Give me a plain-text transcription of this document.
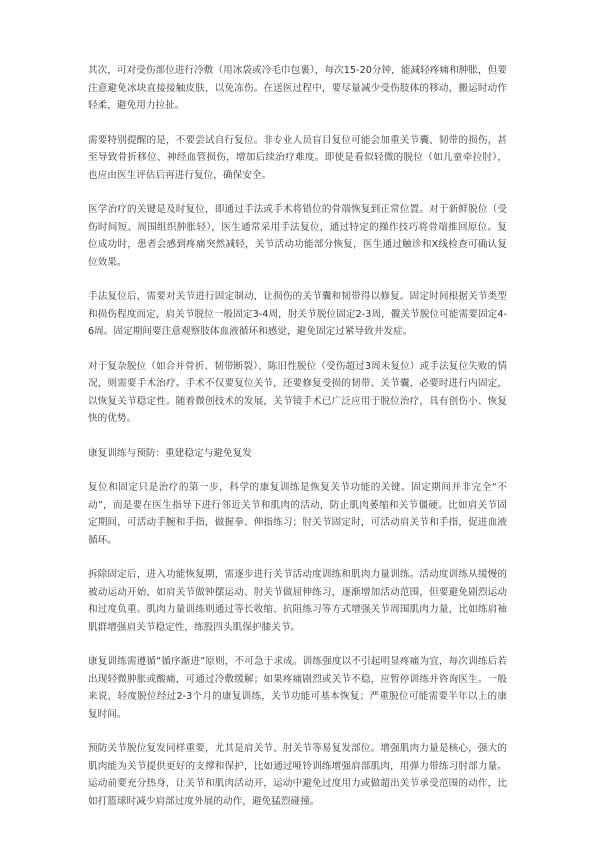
其次，可对受伤部位进行冷敷（用冰袋或冷毛巾包裹），每次15-20分钟，能减轻疼痛和肿胀，但要注意避免冰块直接接触皮肤，以免冻伤。在送医过程中，要尽量减少受伤肢体的移动，搬运时动作轻柔，避免用力拉扯。

需要特别提醒的是，不要尝试自行复位。非专业人员盲目复位可能会加重关节囊、韧带的损伤，甚至导致骨折移位、神经血管损伤，增加后续治疗难度。即使是看似轻微的脱位（如儿童牵拉肘），也应由医生评估后再进行复位，确保安全。

医学治疗的关键是及时复位，即通过手法或手术将错位的骨端恢复到正常位置。对于新鲜脱位（受伤时间短、周围组织肿胀轻），医生通常采用手法复位，通过特定的操作技巧将骨端推回原位。复位成功时，患者会感到疼痛突然减轻，关节活动功能部分恢复，医生通过触诊和X线检查可确认复位效果。

手法复位后，需要对关节进行固定制动，让损伤的关节囊和韧带得以修复。固定时间根据关节类型和损伤程度而定，肩关节脱位一般固定3-4周，肘关节脱位固定2-3周，髋关节脱位可能需要固定4-6周。固定期间要注意观察肢体血液循环和感觉，避免固定过紧导致并发症。

对于复杂脱位（如合并骨折、韧带断裂）、陈旧性脱位（受伤超过3周未复位）或手法复位失败的情况，则需要手术治疗。手术不仅要复位关节，还要修复受损的韧带、关节囊，必要时进行内固定，以恢复关节稳定性。随着微创技术的发展，关节镜手术已广泛应用于脱位治疗，具有创伤小、恢复快的优势。

康复训练与预防：重建稳定与避免复发

复位和固定只是治疗的第一步，科学的康复训练是恢复关节功能的关键。固定期间并非完全“不动”，而是要在医生指导下进行邻近关节和肌肉的活动，防止肌肉萎缩和关节僵硬。比如肩关节固定期间，可活动手腕和手指，做握拳、伸指练习；肘关节固定时，可活动肩关节和手指，促进血液循环。

拆除固定后，进入功能恢复期，需逐步进行关节活动度训练和肌肉力量训练。活动度训练从缓慢的被动运动开始，如肩关节做钟摆运动、肘关节做屈伸练习，逐渐增加活动范围，但要避免剧烈运动和过度负重。肌肉力量训练则通过等长收缩、抗阻练习等方式增强关节周围肌肉力量，比如练肩袖肌群增强肩关节稳定性，练股四头肌保护膝关节。

康复训练需遵循“循序渐进”原则，不可急于求成。训练强度以不引起明显疼痛为宜，每次训练后若出现轻微肿胀或酸痛，可通过冷敷缓解；如果疼痛剧烈或关节不稳，应暂停训练并咨询医生。一般来说，轻度脱位经过2-3个月的康复训练，关节功能可基本恢复；严重脱位可能需要半年以上的康复时间。

预防关节脱位复发同样重要，尤其是肩关节、肘关节等易复发部位。增强肌肉力量是核心，强大的肌肉能为关节提供更好的支撑和保护，比如通过哑铃训练增强肩部肌肉，用弹力带练习肘部力量。运动前要充分热身，让关节和肌肉活动开，运动中避免过度用力或做超出关节承受范围的动作，比如打篮球时减少肩部过度外展的动作，避免猛烈碰撞。
